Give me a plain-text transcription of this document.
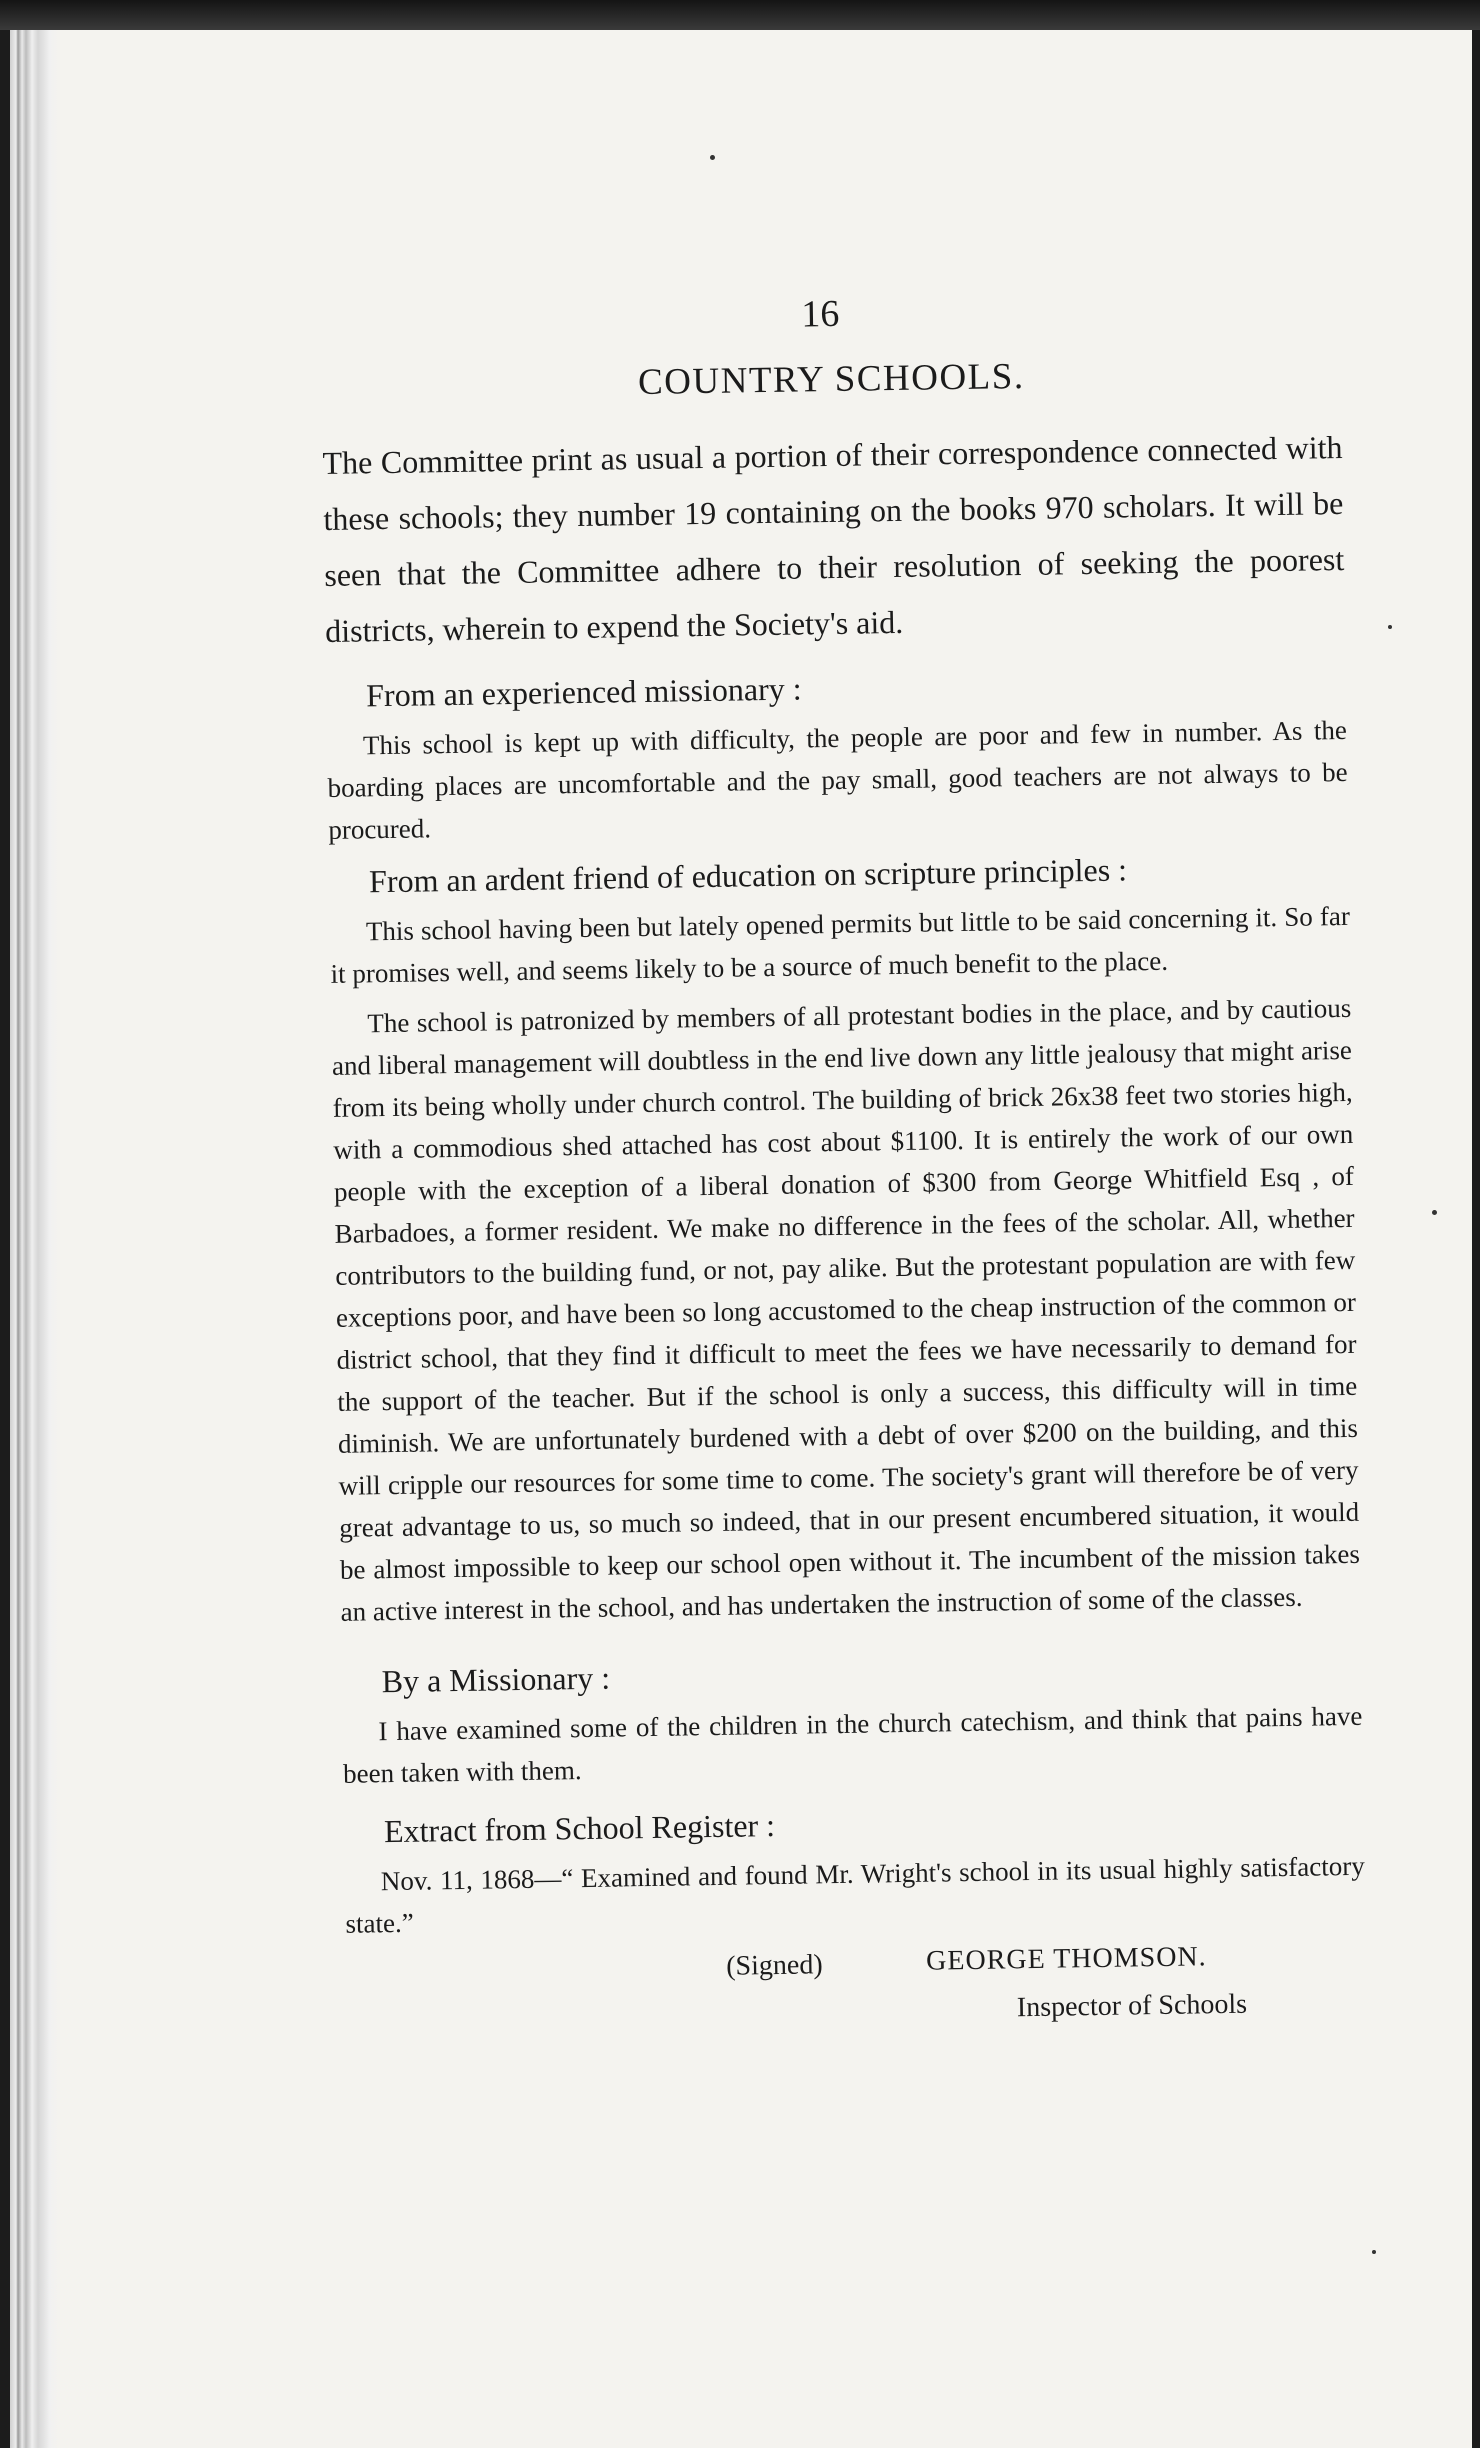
16
COUNTRY SCHOOLS.

The Committee print as usual a portion of their correspondence connected with these schools; they number 19 containing on the books 970 scholars. It will be seen that the Committee adhere to their resolution of seeking the poorest districts, wherein to expend the Society's aid.

From an experienced missionary :

This school is kept up with difficulty, the people are poor and few in number. As the boarding places are uncomfortable and the pay small, good teachers are not always to be procured.

From an ardent friend of education on scripture principles :

This school having been but lately opened permits but little to be said concerning it. So far it promises well, and seems likely to be a source of much benefit to the place.

The school is patronized by members of all protestant bodies in the place, and by cautious and liberal management will doubtless in the end live down any little jealousy that might arise from its being wholly under church control. The building of brick 26x38 feet two stories high, with a commodious shed attached has cost about $1100. It is entirely the work of our own people with the exception of a liberal donation of $300 from George Whitfield Esq , of Barbadoes, a former resident. We make no difference in the fees of the scholar. All, whether contributors to the building fund, or not, pay alike. But the protestant population are with few exceptions poor, and have been so long accustomed to the cheap instruction of the common or district school, that they find it difficult to meet the fees we have necessarily to demand for the support of the teacher. But if the school is only a success, this difficulty will in time diminish. We are unfortunately burdened with a debt of over $200 on the building, and this will cripple our resources for some time to come. The society's grant will therefore be of very great advantage to us, so much so indeed, that in our present encumbered situation, it would be almost impossible to keep our school open without it. The incumbent of the mission takes an active interest in the school, and has undertaken the instruction of some of the classes.

By a Missionary :

I have examined some of the children in the church catechism, and think that pains have been taken with them.

Extract from School Register :

Nov. 11, 1868—“ Examined and found Mr. Wright's school in its usual highly satisfactory state.”

(Signed)	GEORGE THOMSON.
Inspector of Schools
